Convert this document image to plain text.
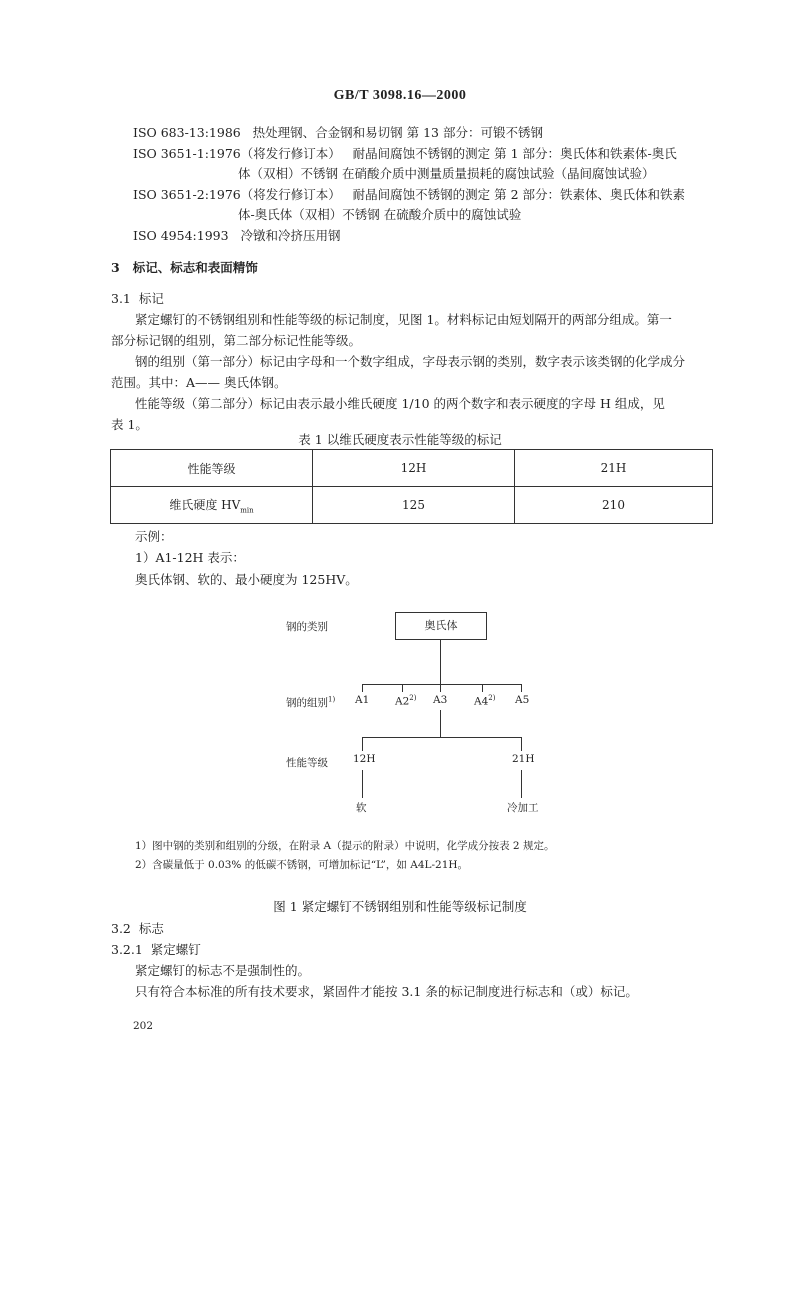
GB/T 3098.16—2000
ISO 683-13:1986 热处理钢、合金钢和易切钢 第 13 部分：可锻不锈钢
ISO 3651-1:1976（将发行修订本） 耐晶间腐蚀不锈钢的测定 第 1 部分：奥氏体和铁素体-奥氏
体（双相）不锈钢 在硝酸介质中测量质量损耗的腐蚀试验（晶间腐蚀试验）
ISO 3651-2:1976（将发行修订本） 耐晶间腐蚀不锈钢的测定 第 2 部分：铁素体、奥氏体和铁素
体-奥氏体（双相）不锈钢 在硫酸介质中的腐蚀试验
ISO 4954:1993 冷镦和冷挤压用钢
3 标记、标志和表面精饰
3.1 标记
紧定螺钉的不锈钢组别和性能等级的标记制度，见图 1。材料标记由短划隔开的两部分组成。第一
部分标记钢的组别，第二部分标记性能等级。
钢的组别（第一部分）标记由字母和一个数字组成，字母表示钢的类别，数字表示该类钢的化学成分
范围。其中：A—— 奥氏体钢。
性能等级（第二部分）标记由表示最小维氏硬度 1/10 的两个数字和表示硬度的字母 H 组成，见
表 1。
表 1 以维氏硬度表示性能等级的标记
性能等级	12H	21H
维氏硬度 $HV_{min}$	125	210
示例：
1）A1-12H 表示：
奥氏体钢、软的、最小硬度为 125HV。
钢的类别
钢的组别$^{1)}$
性能等级
奥氏体
A1 A2$^{2)}$ A3	A4$^{2)}$ A5
12H	21H
软	冷加工
1）图中钢的类别和组别的分级，在附录 A（提示的附录）中说明，化学成分按表 2 规定。
2）含碳量低于 0.03% 的低碳不锈钢，可增加标记“L”，如 A4L-21H。
图 1 紧定螺钉不锈钢组别和性能等级标记制度
3.2 标志
3.2.1 紧定螺钉
紧定螺钉的标志不是强制性的。
只有符合本标准的所有技术要求，紧固件才能按 3.1 条的标记制度进行标志和（或）标记。
202
